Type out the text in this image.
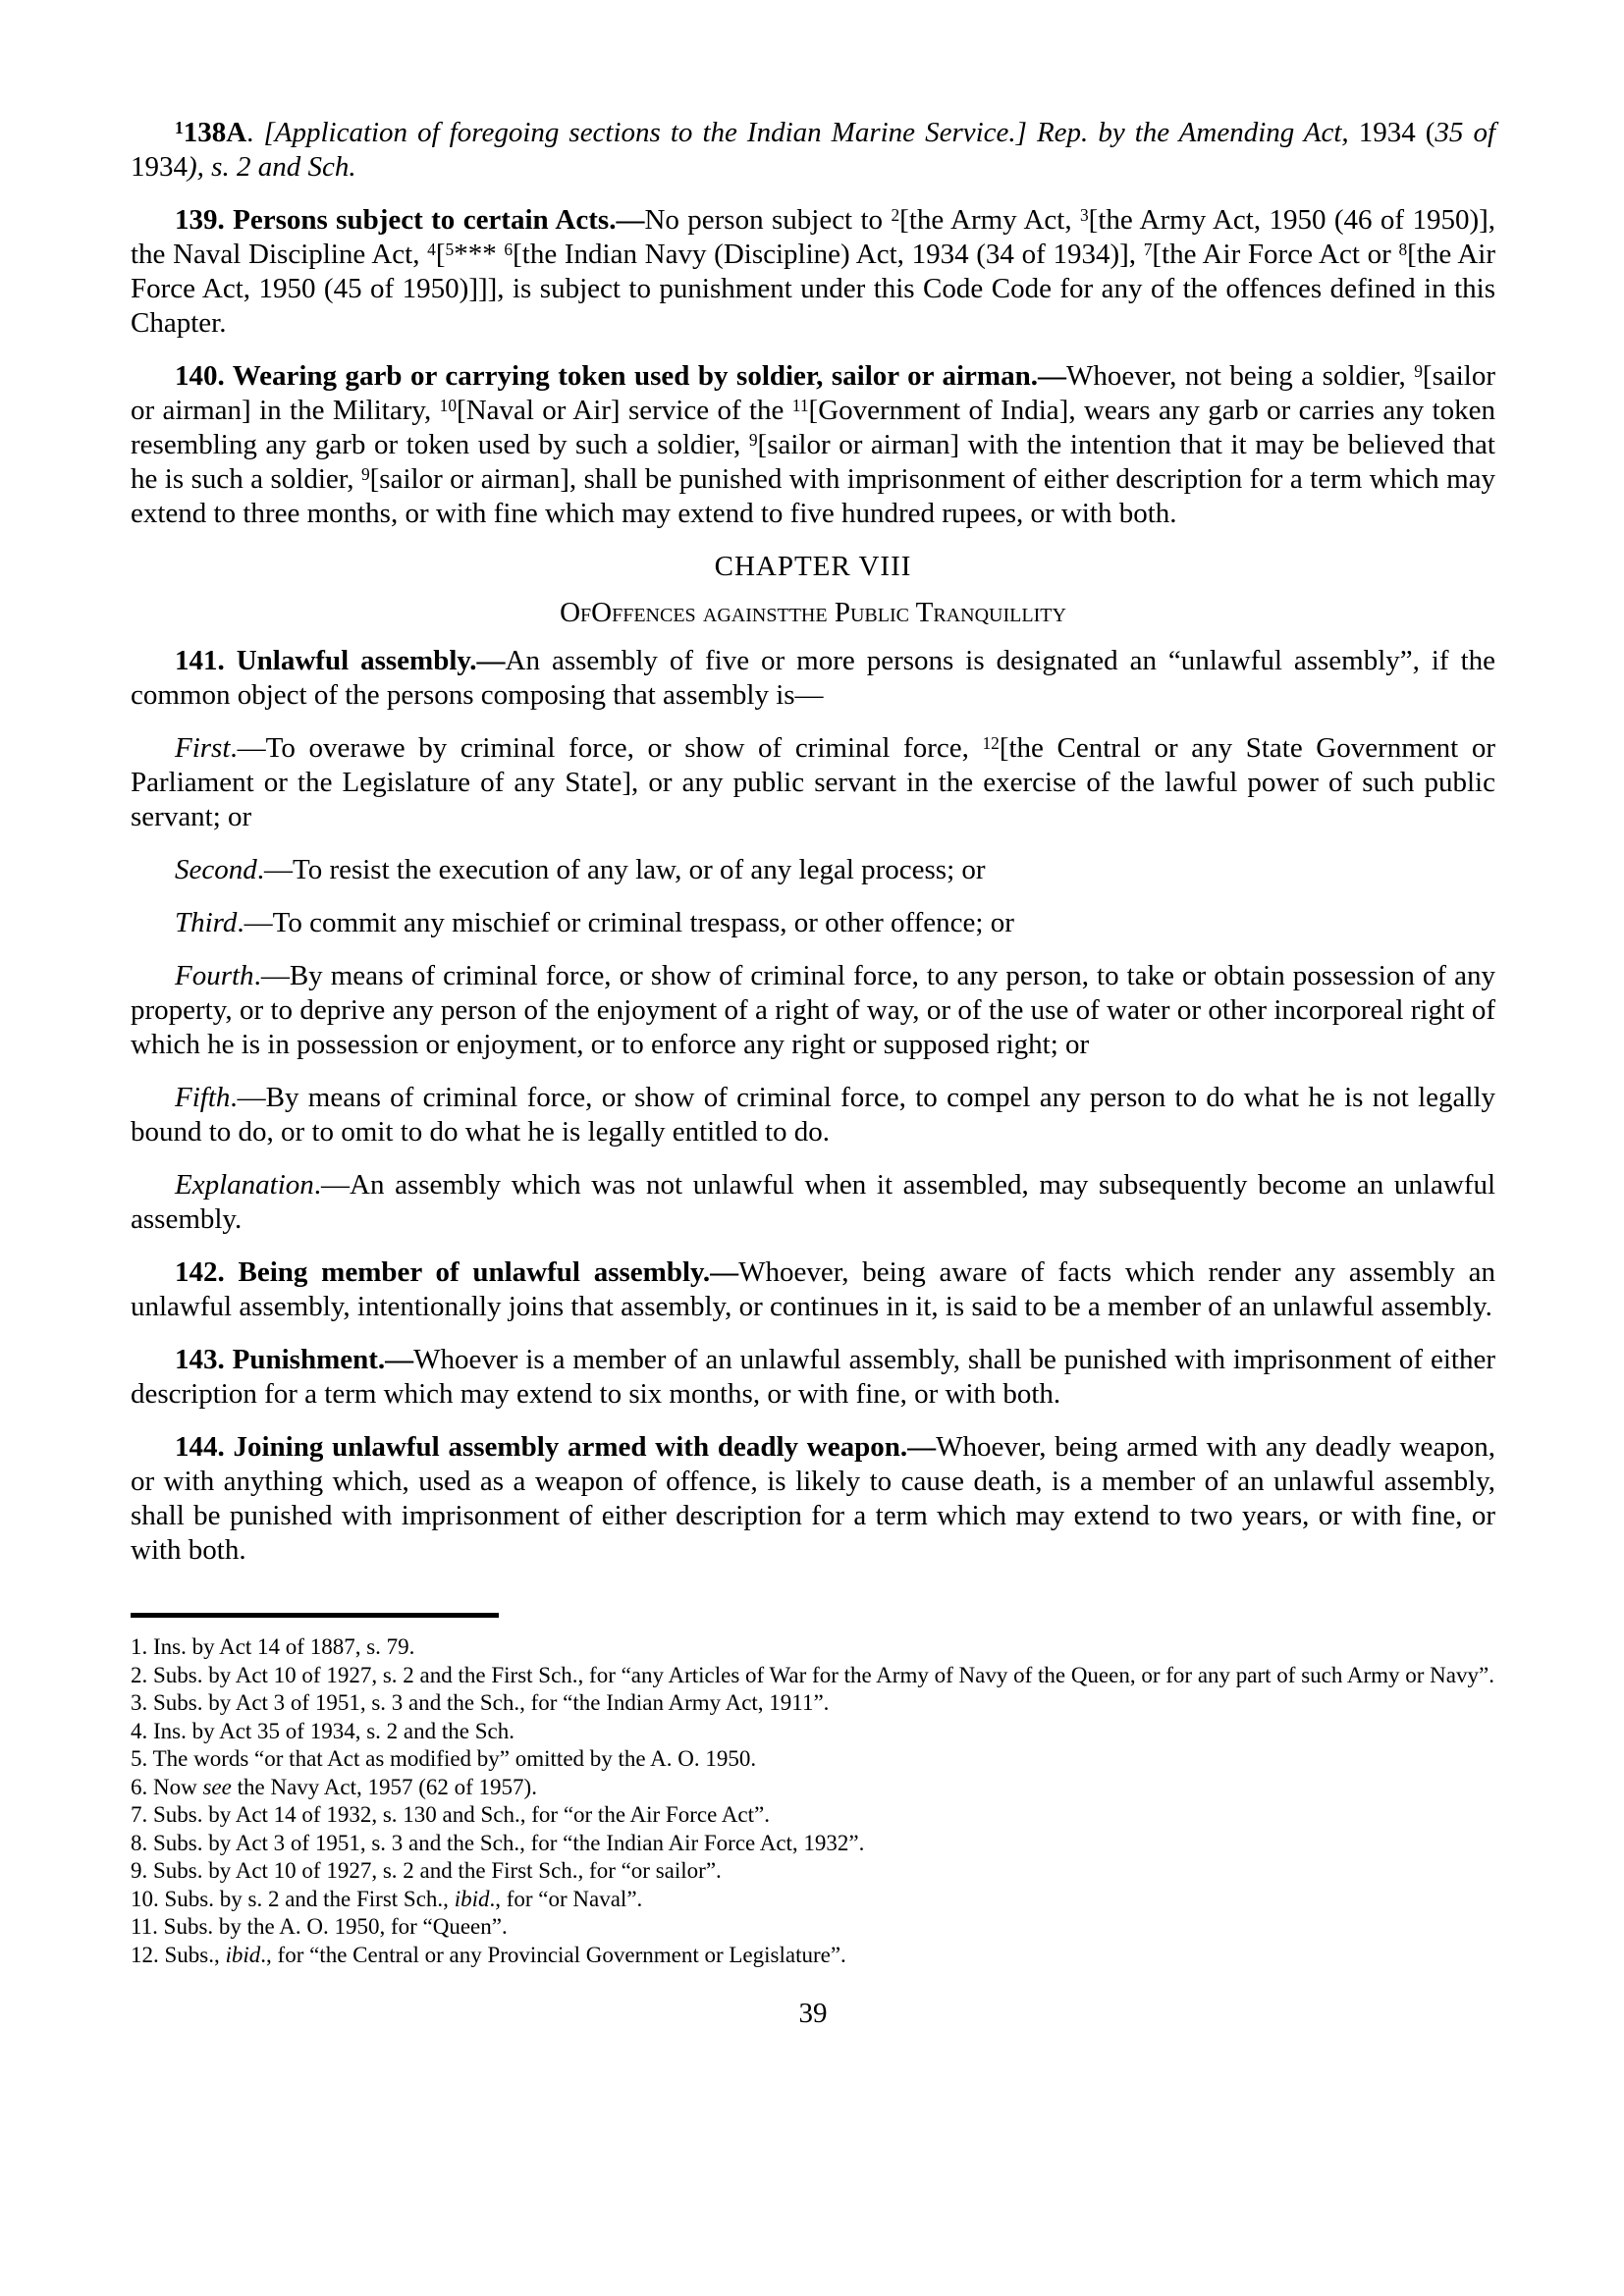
$^1$138A. [Application of foregoing sections to the Indian Marine Service.] Rep. by the Amending Act, 1934 (35 of 1934), s. 2 and Sch.

139. Persons subject to certain Acts.—No person subject to $^2$[the Army Act, $^3$[the Army Act, 1950 (46 of 1950)], the Naval Discipline Act, $^4$[$^5$*** $^6$[the Indian Navy (Discipline) Act, 1934 (34 of 1934)], $^7$[the Air Force Act or $^8$[the Air Force Act, 1950 (45 of 1950)]]], is subject to punishment under this Code Code for any of the offences defined in this Chapter.

140. Wearing garb or carrying token used by soldier, sailor or airman.—Whoever, not being a soldier, $^9$[sailor or airman] in the Military, $^{10}$[Naval or Air] service of the $^{11}$[Government of India], wears any garb or carries any token resembling any garb or token used by such a soldier, $^9$[sailor or airman] with the intention that it may be believed that he is such a soldier, $^9$[sailor or airman], shall be punished with imprisonment of either description for a term which may extend to three months, or with fine which may extend to five hundred rupees, or with both.

CHAPTER VIII

OfOffences againstthe Public Tranquillity

141. Unlawful assembly.—An assembly of five or more persons is designated an “unlawful assembly”, if the common object of the persons composing that assembly is—

First.—To overawe by criminal force, or show of criminal force, $^{12}$[the Central or any State Government or Parliament or the Legislature of any State], or any public servant in the exercise of the lawful power of such public servant; or

Second.—To resist the execution of any law, or of any legal process; or

Third.—To commit any mischief or criminal trespass, or other offence; or

Fourth.—By means of criminal force, or show of criminal force, to any person, to take or obtain possession of any property, or to deprive any person of the enjoyment of a right of way, or of the use of water or other incorporeal right of which he is in possession or enjoyment, or to enforce any right or supposed right; or

Fifth.—By means of criminal force, or show of criminal force, to compel any person to do what he is not legally bound to do, or to omit to do what he is legally entitled to do.

Explanation.—An assembly which was not unlawful when it assembled, may subsequently become an unlawful assembly.

142. Being member of unlawful assembly.—Whoever, being aware of facts which render any assembly an unlawful assembly, intentionally joins that assembly, or continues in it, is said to be a member of an unlawful assembly.

143. Punishment.—Whoever is a member of an unlawful assembly, shall be punished with imprisonment of either description for a term which may extend to six months, or with fine, or with both.

144. Joining unlawful assembly armed with deadly weapon.—Whoever, being armed with any deadly weapon, or with anything which, used as a weapon of offence, is likely to cause death, is a member of an unlawful assembly, shall be punished with imprisonment of either description for a term which may extend to two years, or with fine, or with both.

1. Ins. by Act 14 of 1887, s. 79.
2. Subs. by Act 10 of 1927, s. 2 and the First Sch., for “any Articles of War for the Army of Navy of the Queen, or for any part of such Army or Navy”.
3. Subs. by Act 3 of 1951, s. 3 and the Sch., for “the Indian Army Act, 1911”.
4. Ins. by Act 35 of 1934, s. 2 and the Sch.
5. The words “or that Act as modified by” omitted by the A. O. 1950.
6. Now see the Navy Act, 1957 (62 of 1957).
7. Subs. by Act 14 of 1932, s. 130 and Sch., for “or the Air Force Act”.
8. Subs. by Act 3 of 1951, s. 3 and the Sch., for “the Indian Air Force Act, 1932”.
9. Subs. by Act 10 of 1927, s. 2 and the First Sch., for “or sailor”.
10. Subs. by s. 2 and the First Sch., ibid., for “or Naval”.
11. Subs. by the A. O. 1950, for “Queen”.
12. Subs., ibid., for “the Central or any Provincial Government or Legislature”.
39
